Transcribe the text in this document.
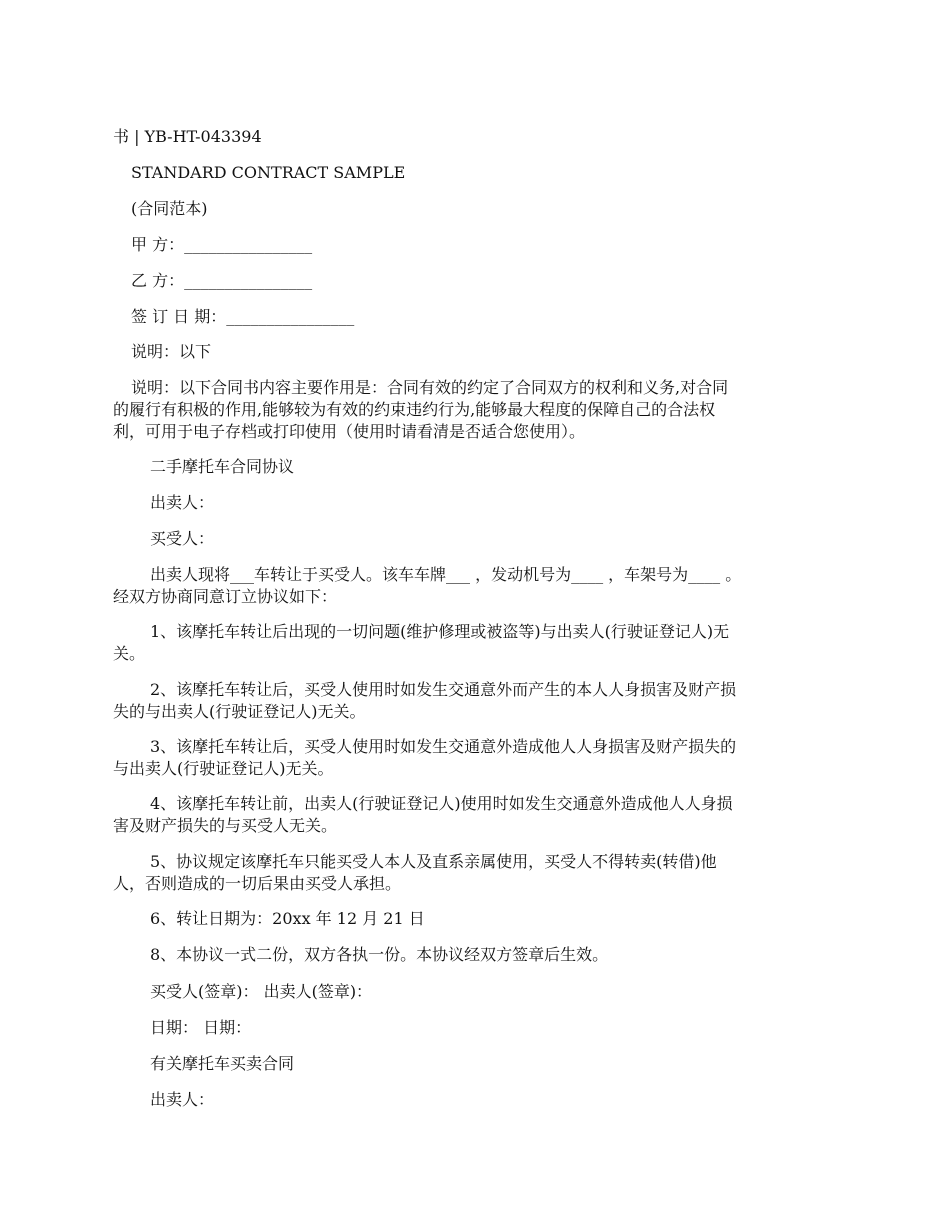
书 | YB-HT-043394
STANDARD CONTRACT SAMPLE
(合同范本)
甲 方：________________
乙 方：________________
签 订 日 期：________________
说明：以下
说明：以下合同书内容主要作用是：合同有效的约定了合同双方的权利和义务,对合同
的履行有积极的作用,能够较为有效的约束违约行为,能够最大程度的保障自己的合法权
利，可用于电子存档或打印使用（使用时请看清是否适合您使用）。
二手摩托车合同协议
出卖人：
买受人：
出卖人现将___车转让于买受人。该车车牌___ ，发动机号为____ ，车架号为____ 。
经双方协商同意订立协议如下：
1、该摩托车转让后出现的一切问题(维护修理或被盗等)与出卖人(行驶证登记人)无
关。
2、该摩托车转让后，买受人使用时如发生交通意外而产生的本人人身损害及财产损
失的与出卖人(行驶证登记人)无关。
3、该摩托车转让后，买受人使用时如发生交通意外造成他人人身损害及财产损失的
与出卖人(行驶证登记人)无关。
4、该摩托车转让前，出卖人(行驶证登记人)使用时如发生交通意外造成他人人身损
害及财产损失的与买受人无关。
5、协议规定该摩托车只能买受人本人及直系亲属使用，买受人不得转卖(转借)他
人，否则造成的一切后果由买受人承担。
6、转让日期为：20xx 年 12 月 21 日
8、本协议一式二份，双方各执一份。本协议经双方签章后生效。
买受人(签章)： 出卖人(签章)：
日期： 日期：
有关摩托车买卖合同
出卖人：
